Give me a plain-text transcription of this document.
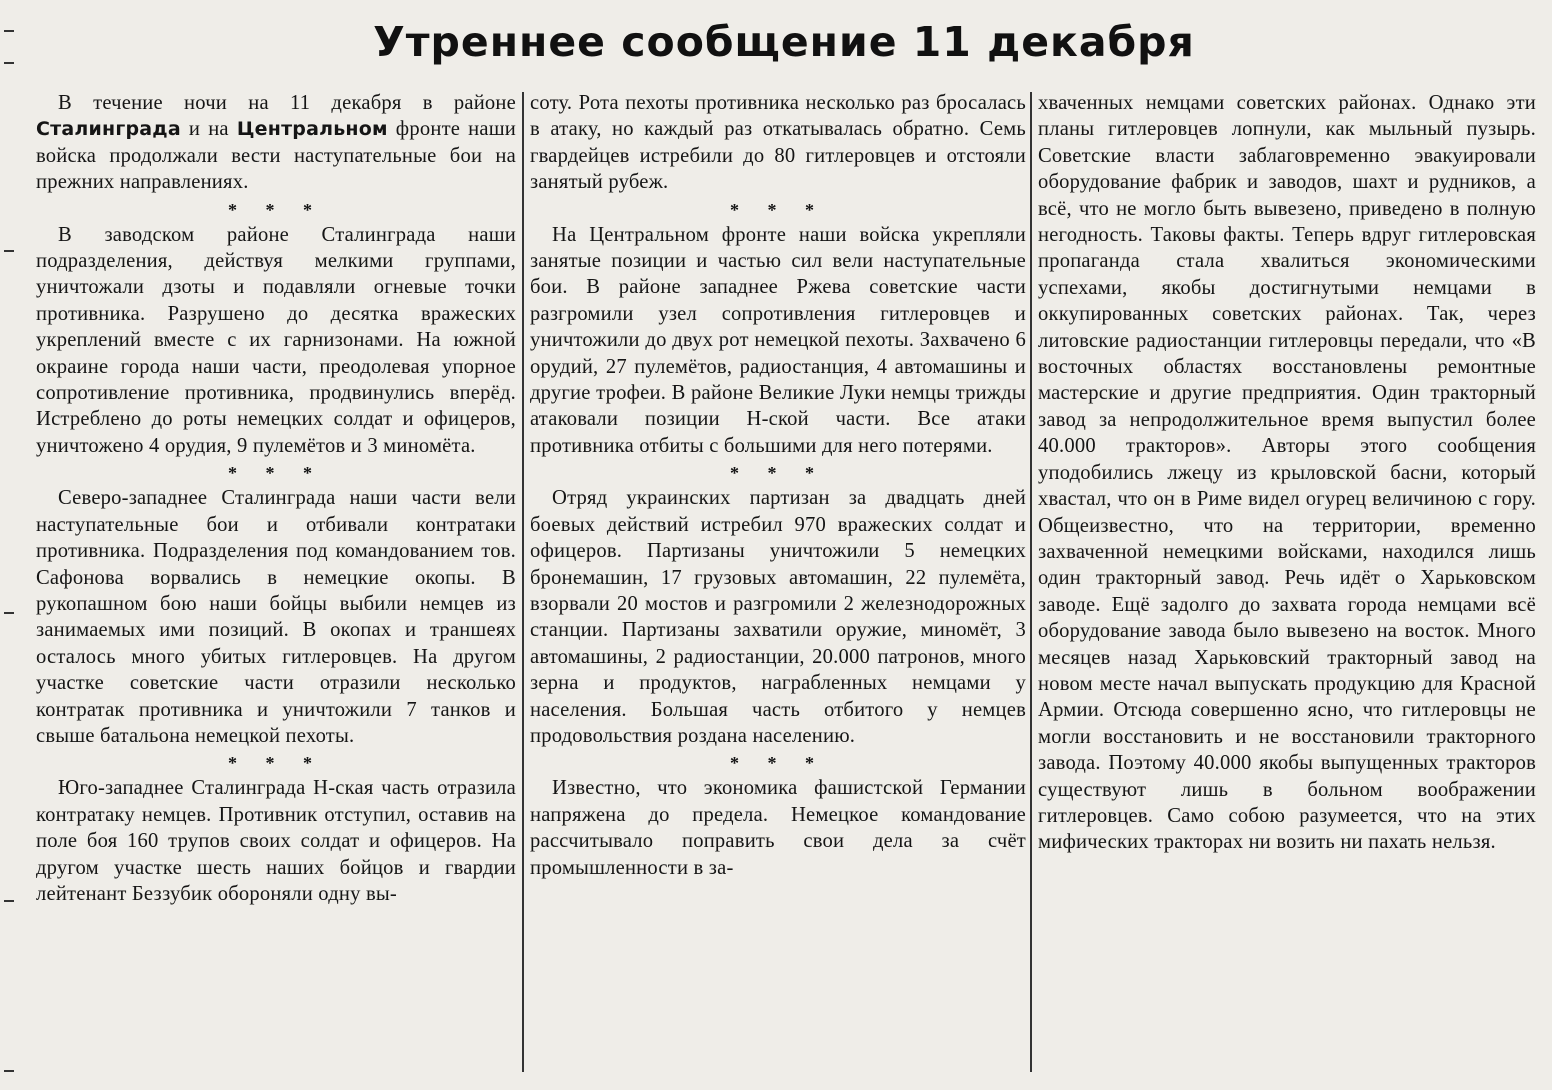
Утреннее сообщение 11 декабря

В течение ночи на 11 декабря в районе Сталинграда и на Центральном фронте наши войска продолжали вести наступательные бои на прежних направлениях.

* * *

В заводском районе Сталинграда наши подразделения, действуя мелкими группами, уничтожали дзоты и подавляли огневые точки противника. Разрушено до десятка вражеских укреплений вместе с их гарнизонами. На южной окраине города наши части, преодолевая упорное сопротивление противника, продвинулись вперёд. Истреблено до роты немецких солдат и офицеров, уничтожено 4 орудия, 9 пулемётов и 3 миномёта.

* * *

Северо-западнее Сталинграда наши части вели наступательные бои и отбивали контратаки противника. Подразделения под командованием тов. Сафонова ворвались в немецкие окопы. В рукопашном бою наши бойцы выбили немцев из занимаемых ими позиций. В окопах и траншеях осталось много убитых гитлеровцев. На другом участке советские части отразили несколько контратак противника и уничтожили 7 танков и свыше батальона немецкой пехоты.

* * *

Юго-западнее Сталинграда Н-ская часть отразила контратаку немцев. Противник отступил, оставив на поле боя 160 трупов своих солдат и офицеров. На другом участке шесть наших бойцов и гвардии лейтенант Беззубик обороняли одну вы-

соту. Рота пехоты противника несколько раз бросалась в атаку, но каждый раз откатывалась обратно. Семь гвардейцев истребили до 80 гитлеровцев и отстояли занятый рубеж.

* * *

На Центральном фронте наши войска укрепляли занятые позиции и частью сил вели наступательные бои. В районе западнее Ржева советские части разгромили узел сопротивления гитлеровцев и уничтожили до двух рот немецкой пехоты. Захвачено 6 орудий, 27 пулемётов, радиостанция, 4 автомашины и другие трофеи. В районе Великие Луки немцы трижды атаковали позиции Н-ской части. Все атаки противника отбиты с большими для него потерями.

* * *

Отряд украинских партизан за двадцать дней боевых действий истребил 970 вражеских солдат и офицеров. Партизаны уничтожили 5 немецких бронемашин, 17 грузовых автомашин, 22 пулемёта, взорвали 20 мостов и разгромили 2 железнодорожных станции. Партизаны захватили оружие, миномёт, 3 автомашины, 2 радиостанции, 20.000 патронов, много зерна и продуктов, награбленных немцами у населения. Большая часть отбитого у немцев продовольствия роздана населению.

* * *

Известно, что экономика фашистской Германии напряжена до предела. Немецкое командование рассчитывало поправить свои дела за счёт промышленности в за-

хваченных немцами советских районах. Однако эти планы гитлеровцев лопнули, как мыльный пузырь. Советские власти заблаговременно эвакуировали оборудование фабрик и заводов, шахт и рудников, а всё, что не могло быть вывезено, приведено в полную негодность. Таковы факты. Теперь вдруг гитлеровская пропаганда стала хвалиться экономическими успехами, якобы достигнутыми немцами в оккупированных советских районах. Так, через литовские радиостанции гитлеровцы передали, что «В восточных областях восстановлены ремонтные мастерские и другие предприятия. Один тракторный завод за непродолжительное время выпустил более 40.000 тракторов». Авторы этого сообщения уподобились лжецу из крыловской басни, который хвастал, что он в Риме видел огурец величиною с гору. Общеизвестно, что на территории, временно захваченной немецкими войсками, находился лишь один тракторный завод. Речь идёт о Харьковском заводе. Ещё задолго до захвата города немцами всё оборудование завода было вывезено на восток. Много месяцев назад Харьковский тракторный завод на новом месте начал выпускать продукцию для Красной Армии. Отсюда совершенно ясно, что гитлеровцы не могли восстановить и не восстановили тракторного завода. Поэтому 40.000 якобы выпущенных тракторов существуют лишь в больном воображении гитлеровцев. Само собою разумеется, что на этих мифических тракторах ни возить ни пахать нельзя.
